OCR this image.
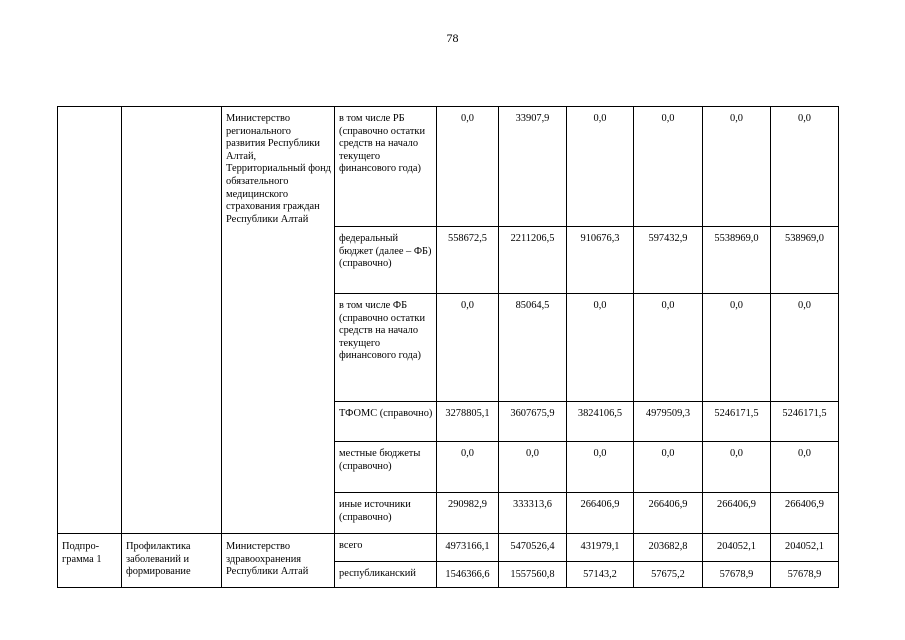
78
		Министерство регионального развития Республики Алтай, Территориальный фонд обязательного медицинского страхования граждан Республики Алтай	в том числе РБ (справочно остатки средств на начало текущего финансового года)	0,0	33907,9	0,0	0,0	0,0	0,0
			федеральный бюджет (далее – ФБ) (справочно)	558672,5	2211206,5	910676,3	597432,9	5538969,0	538969,0
			в том числе ФБ (справочно остатки средств на начало текущего финансового года)	0,0	85064,5	0,0	0,0	0,0	0,0
			ТФОМС (справочно)	3278805,1	3607675,9	3824106,5	4979509,3	5246171,5	5246171,5
			местные бюджеты (справочно)	0,0	0,0	0,0	0,0	0,0	0,0
			иные источники (справочно)	290982,9	333313,6	266406,9	266406,9	266406,9	266406,9
Подпро-грамма 1	Профилактика заболеваний и формирование	Министерство здравоохранения Республики Алтай	всего	4973166,1	5470526,4	431979,1	203682,8	204052,1	204052,1
			республиканский	1546366,6	1557560,8	57143,2	57675,2	57678,9	57678,9
